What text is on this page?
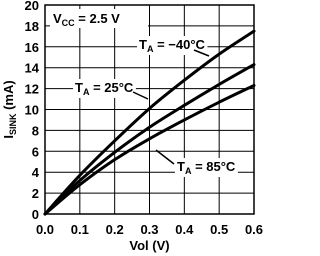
0.0 0.1 0.2 0.3 0.4 0.5 0.6
0
2
4
6
8
10
12
14
16
18
20
$I_{SINK}$ (mA)
Vol (V)
$V_{CC} = 2.5$ V
$T_A = -40^\circ C$
$T_A = 25^\circ C$
$T_A = 85^\circ C$
